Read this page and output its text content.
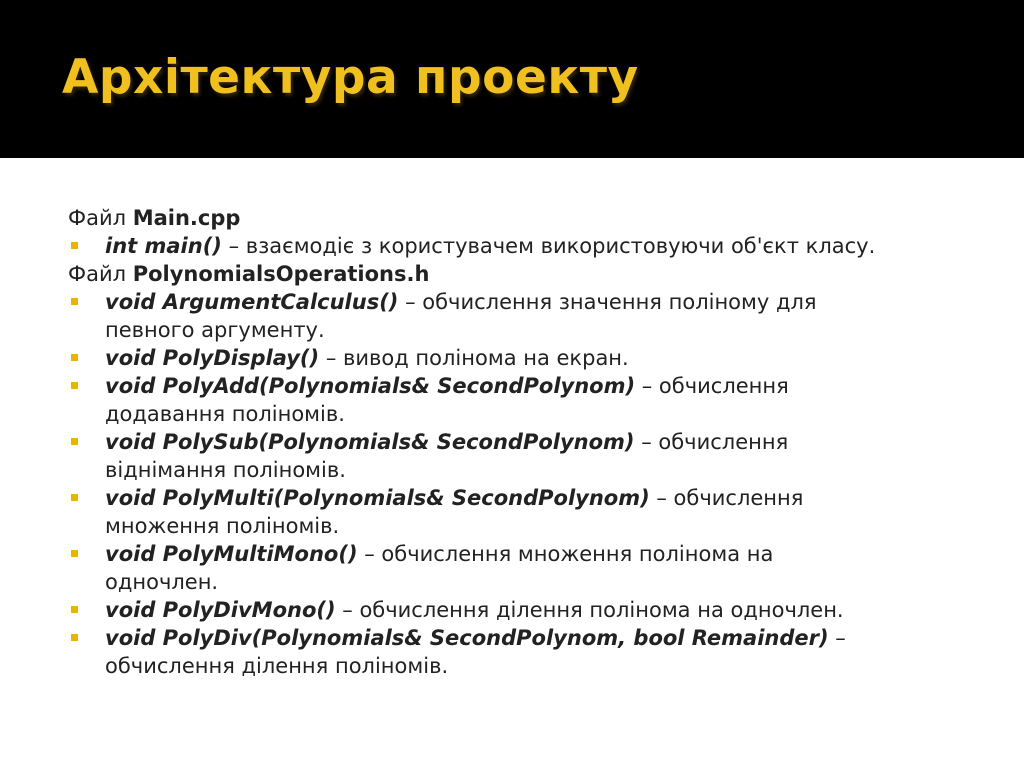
Архітектура проекту

Файл Main.cpp

int main() – взаємодіє з користувачем використовуючи об'єкт класу.

Файл PolynomialsOperations.h

void ArgumentCalculus() – обчислення значення поліному для
певного аргументу.
void PolyDisplay() – вивод полінома на екран.
void PolyAdd(Polynomials& SecondPolynom) – обчислення
додавання поліномів.
void PolySub(Polynomials& SecondPolynom) – обчислення
віднімання поліномів.
void PolyMulti(Polynomials& SecondPolynom) – обчислення
множення поліномів.
void PolyMultiMono() – обчислення множення полінома на
одночлен.
void PolyDivMono() – обчислення ділення полінома на одночлен.
void PolyDiv(Polynomials& SecondPolynom, bool Remainder) –
обчислення ділення поліномів.
